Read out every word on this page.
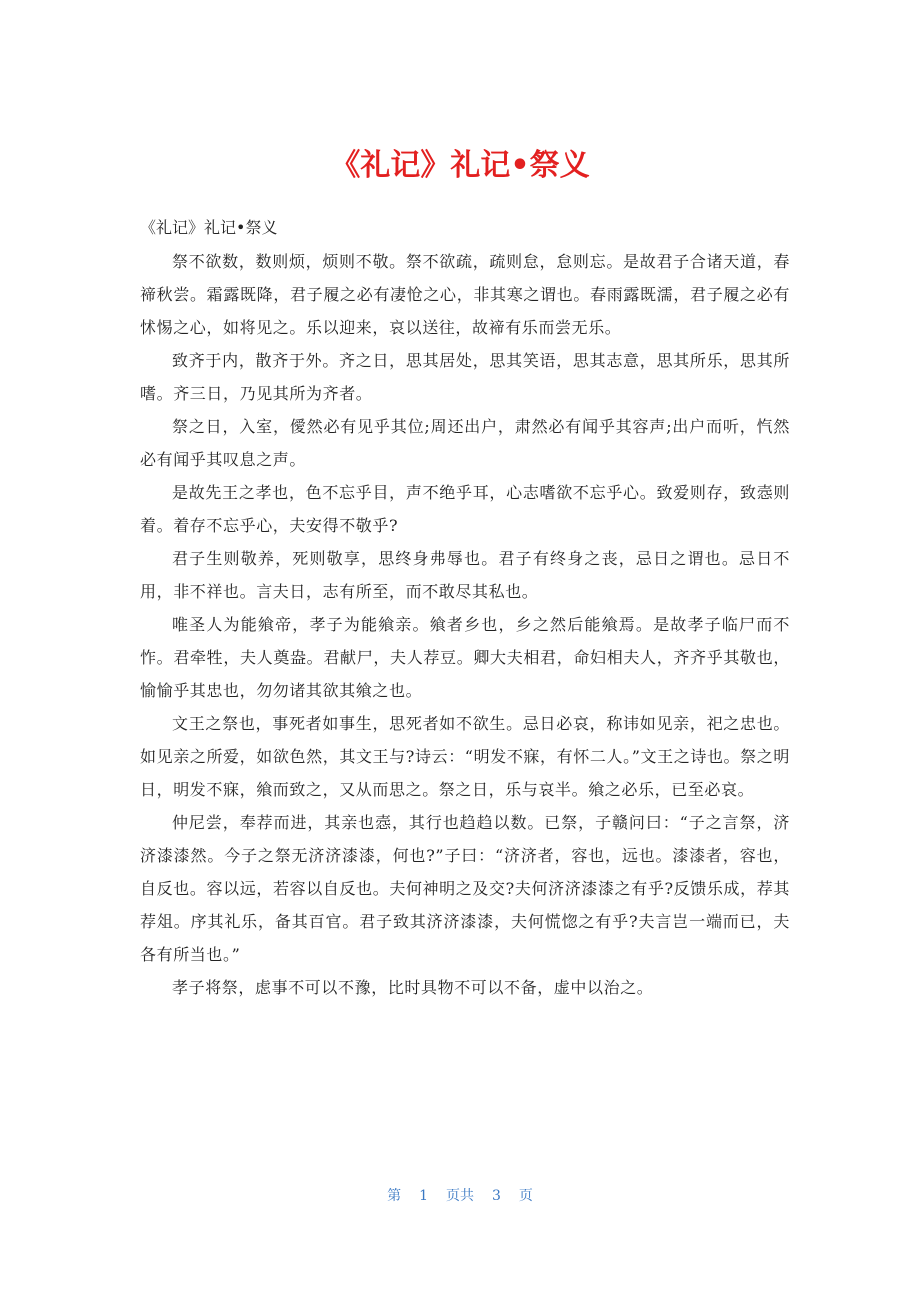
《礼记》礼记•祭义

《礼记》礼记•祭义

祭不欲数，数则烦，烦则不敬。祭不欲疏，疏则怠，怠则忘。是故君子合诸天道，春禘秋尝。霜露既降，君子履之必有凄怆之心，非其寒之谓也。春雨露既濡，君子履之必有怵惕之心，如将见之。乐以迎来，哀以送往，故禘有乐而尝无乐。

致齐于内，散齐于外。齐之日，思其居处，思其笑语，思其志意，思其所乐，思其所嗜。齐三日，乃见其所为齐者。

祭之日，入室，僾然必有见乎其位;周还出户，肃然必有闻乎其容声;出户而听，忾然必有闻乎其叹息之声。

是故先王之孝也，色不忘乎目，声不绝乎耳，心志嗜欲不忘乎心。致爱则存，致悫则着。着存不忘乎心，夫安得不敬乎?

君子生则敬养，死则敬享，思终身弗辱也。君子有终身之丧，忌日之谓也。忌日不用，非不祥也。言夫日，志有所至，而不敢尽其私也。

唯圣人为能飨帝，孝子为能飨亲。飨者乡也，乡之然后能飨焉。是故孝子临尸而不怍。君牵牲，夫人奠盎。君献尸，夫人荐豆。卿大夫相君，命妇相夫人，齐齐乎其敬也，愉愉乎其忠也，勿勿诸其欲其飨之也。

文王之祭也，事死者如事生，思死者如不欲生。忌日必哀，称讳如见亲，祀之忠也。如见亲之所爱，如欲色然，其文王与?诗云：“明发不寐，有怀二人。”文王之诗也。祭之明日，明发不寐，飨而致之，又从而思之。祭之日，乐与哀半。飨之必乐，已至必哀。

仲尼尝，奉荐而进，其亲也悫，其行也趋趋以数。已祭，子赣问曰：“子之言祭，济济漆漆然。今子之祭无济济漆漆，何也?”子曰：“济济者，容也，远也。漆漆者，容也，自反也。容以远，若容以自反也。夫何神明之及交?夫何济济漆漆之有乎?反馈乐成，荐其荐俎。序其礼乐，备其百官。君子致其济济漆漆，夫何慌惚之有乎?夫言岂一端而已，夫各有所当也。”

孝子将祭，虑事不可以不豫，比时具物不可以不备，虚中以治之。

第 1 页共 3 页
